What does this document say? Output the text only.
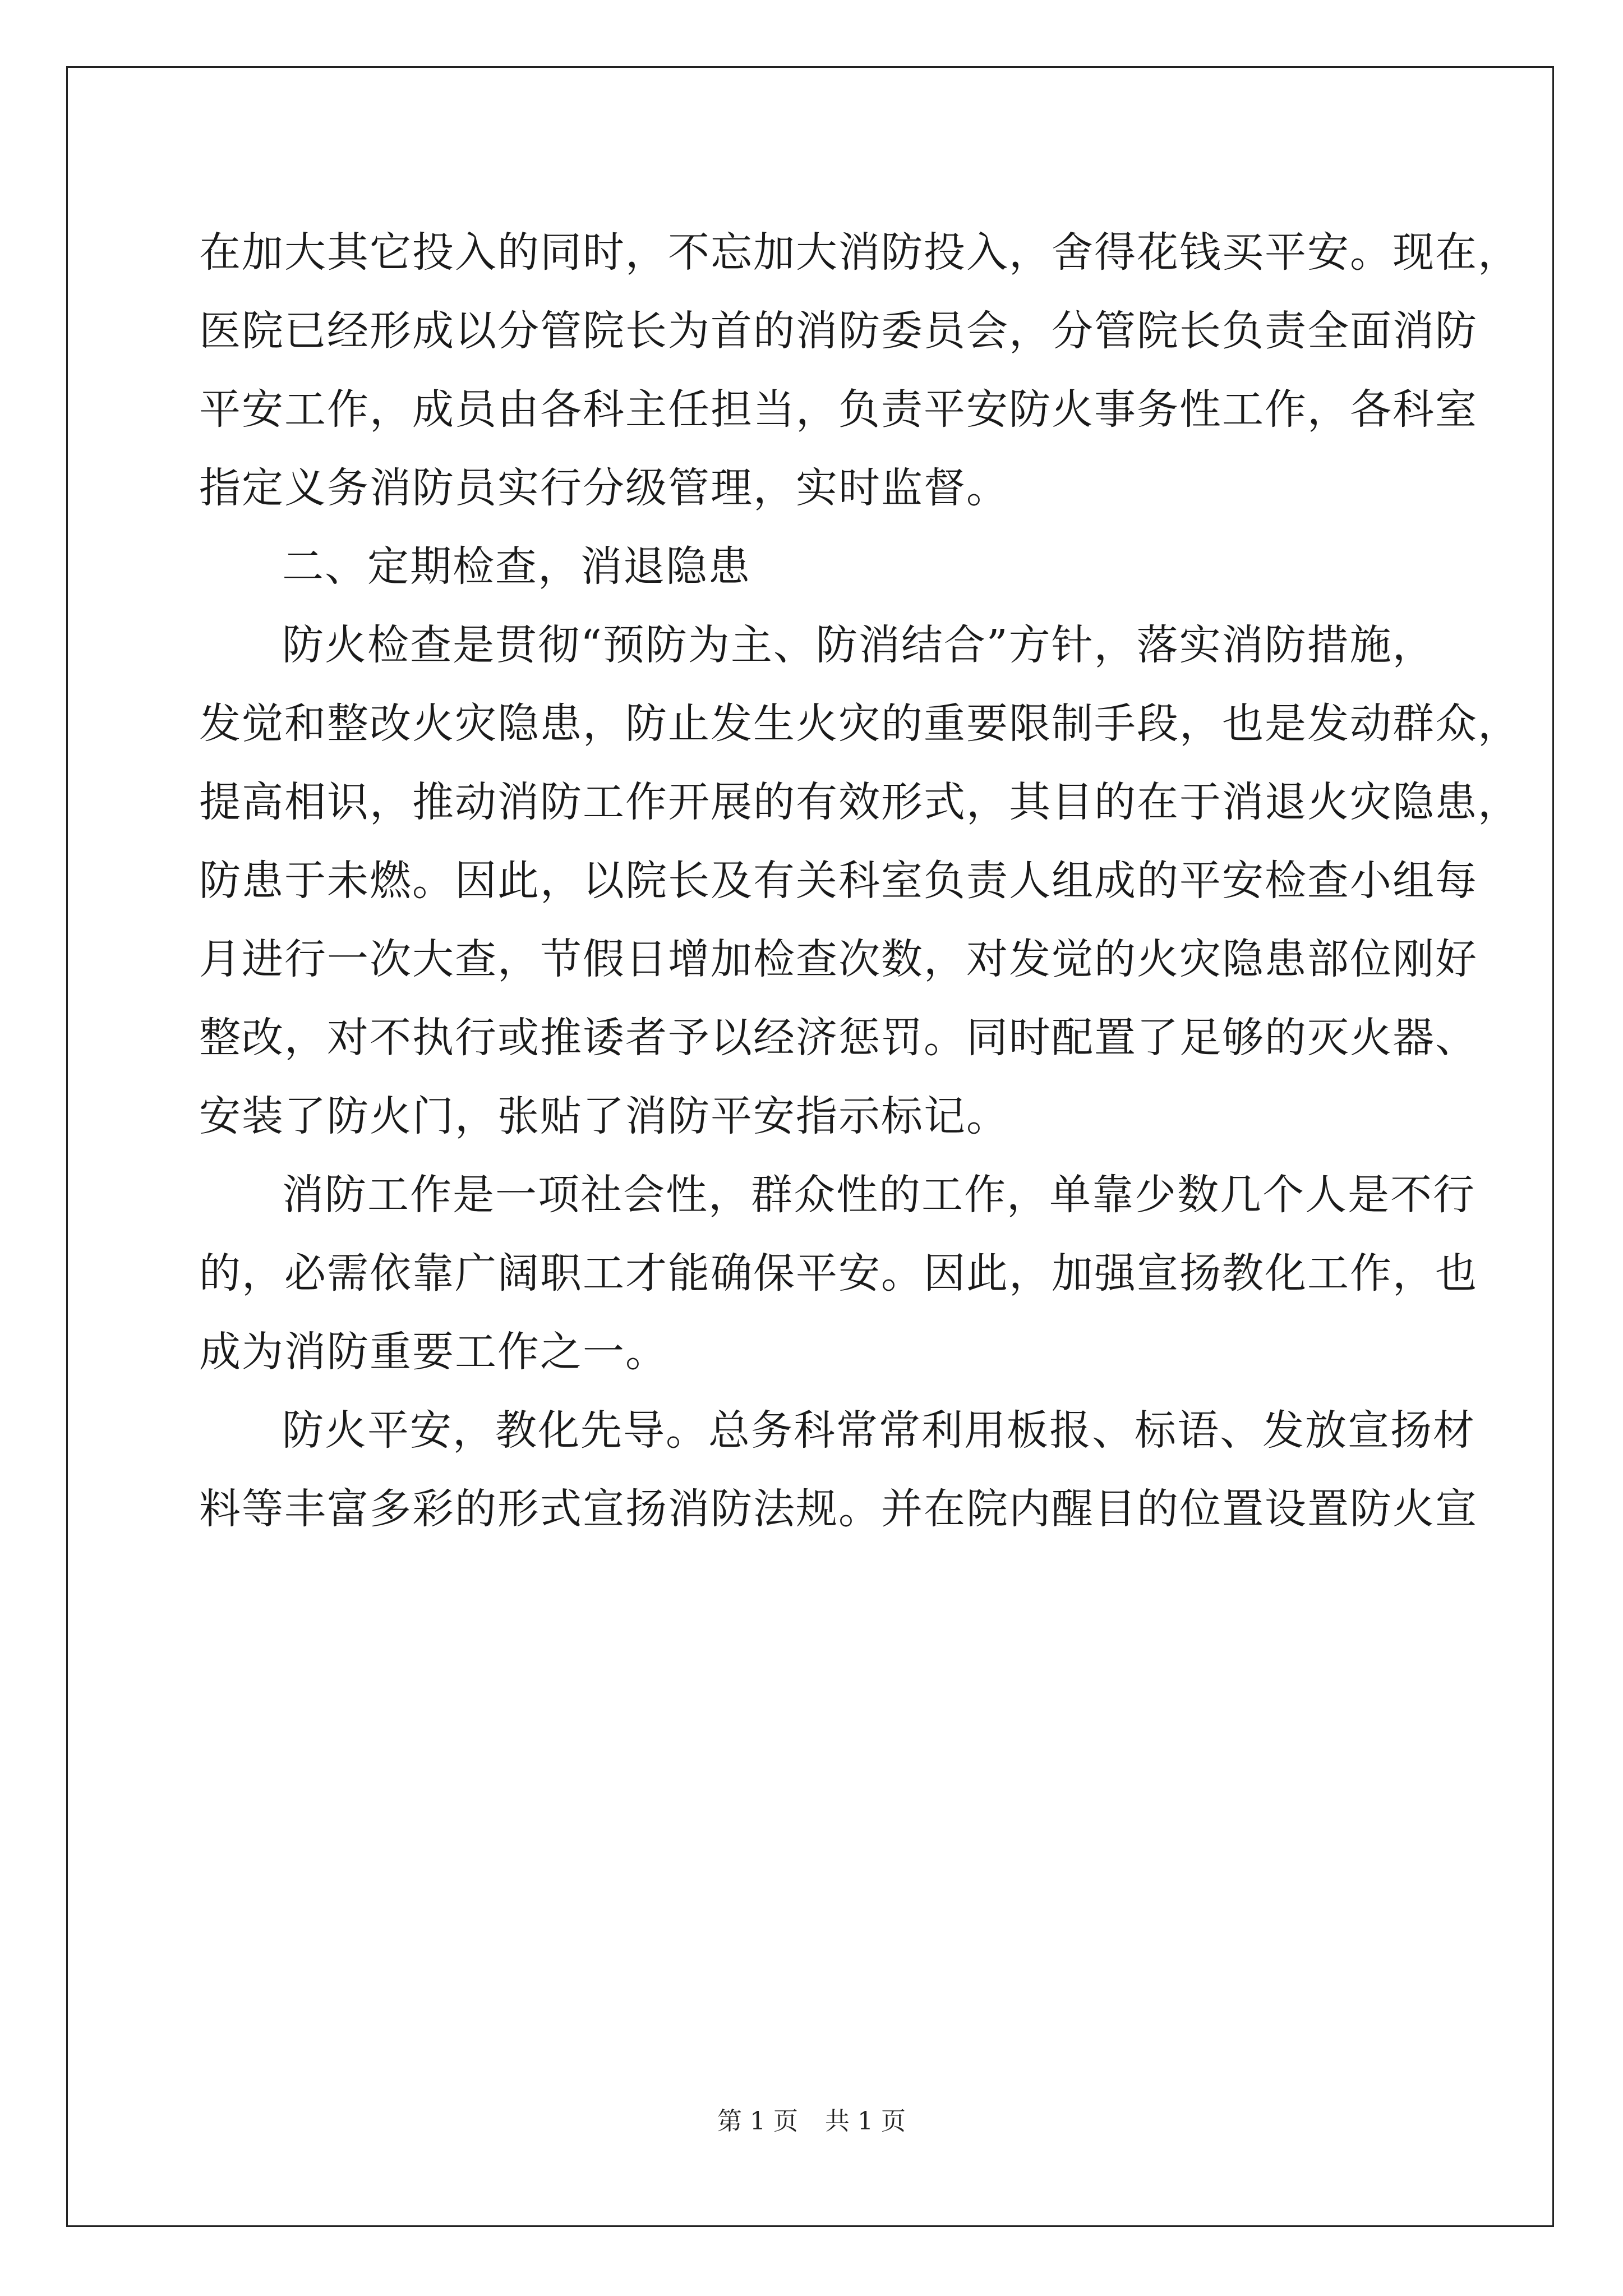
在加大其它投入的同时，不忘加大消防投入，舍得花钱买平安。现在，
医院已经形成以分管院长为首的消防委员会，分管院长负责全面消防
平安工作，成员由各科主任担当，负责平安防火事务性工作，各科室
指定义务消防员实行分级管理，实时监督。
二、定期检查，消退隐患
防火检查是贯彻“预防为主、防消结合”方针，落实消防措施，
发觉和整改火灾隐患，防止发生火灾的重要限制手段，也是发动群众，
提高相识，推动消防工作开展的有效形式，其目的在于消退火灾隐患，
防患于未燃。因此，以院长及有关科室负责人组成的平安检查小组每
月进行一次大查，节假日增加检查次数，对发觉的火灾隐患部位刚好
整改，对不执行或推诿者予以经济惩罚。同时配置了足够的灭火器、
安装了防火门，张贴了消防平安指示标记。
消防工作是一项社会性，群众性的工作，单靠少数几个人是不行
的，必需依靠广阔职工才能确保平安。因此，加强宣扬教化工作，也
成为消防重要工作之一。
防火平安，教化先导。总务科常常利用板报、标语、发放宣扬材
料等丰富多彩的形式宣扬消防法规。并在院内醒目的位置设置防火宣
第 1 页 共 1 页
